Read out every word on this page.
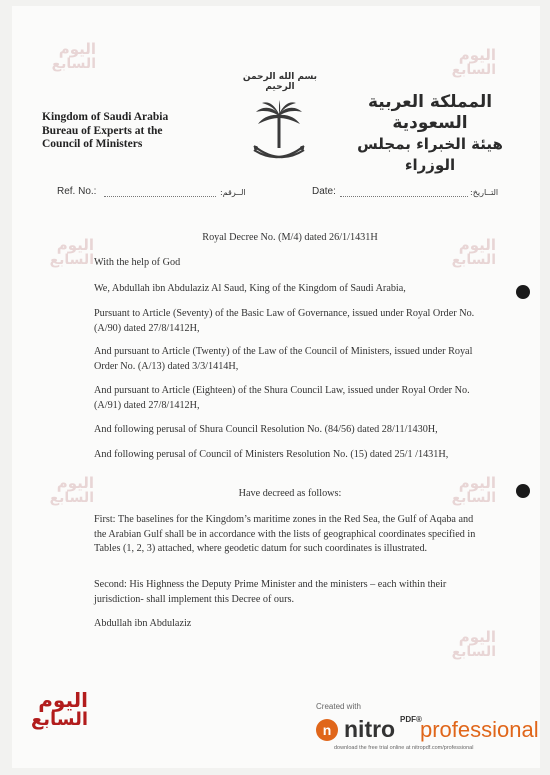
اليوم
السابع	اليوم
السابع
اليوم
السابع
اليوم
السابع
اليوم
السابع
اليوم
السابع
اليوم
السابع
بسم الله الرحمن الرحيم
Kingdom of Saudi Arabia
Bureau of Experts at the
Council of Ministers
المملكة العربية السعودية
هيئة الخبراء بمجلس الوزراء
Ref. No.:	الــرقم:	Date:	التــاريخ:
Royal Decree No. (M/4) dated 26/1/1431H
With the help of God
We, Abdullah ibn Abdulaziz Al Saud, King of the Kingdom of Saudi Arabia,
Pursuant to Article (Seventy) of the Basic Law of Governance, issued under Royal Order No. (A/90) dated 27/8/1412H,
And pursuant to Article (Twenty) of the Law of the Council of Ministers, issued under Royal Order No. (A/13) dated 3/3/1414H,
And pursuant to Article (Eighteen) of the Shura Council Law, issued under Royal Order No. (A/91) dated 27/8/1412H,
And following perusal of Shura Council Resolution No. (84/56) dated 28/11/1430H,
And following perusal of Council of Ministers Resolution No. (15) dated 25/1 /1431H,
Have decreed as follows:
First: The baselines for the Kingdom’s maritime zones in the Red Sea, the Gulf of Aqaba and the Arabian Gulf shall be in accordance with the lists of geographical coordinates specified in Tables (1, 2, 3) attached, where geodetic datum for such coordinates is illustrated.
Second: His Highness the Deputy Prime Minister and the ministers – each within their jurisdiction- shall implement this Decree of ours.
Abdullah ibn Abdulaziz
اليوم
السابع
Created with
n nitro PDF®
professional
download the free trial online at nitropdf.com/professional
